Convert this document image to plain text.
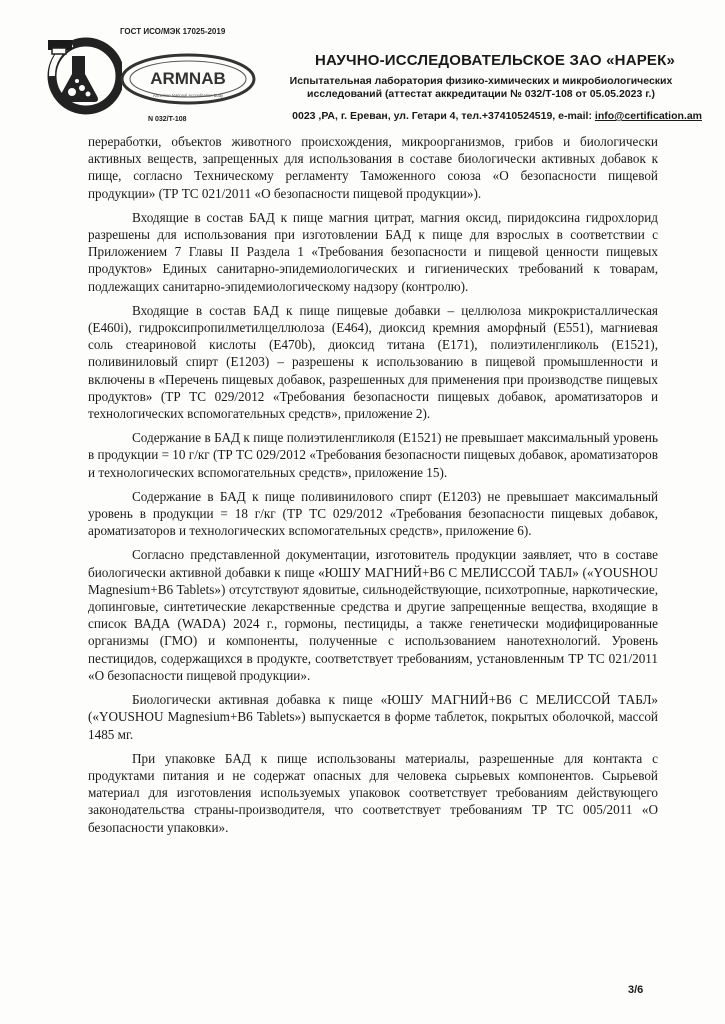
ГОСТ ИСО/МЭК 17025-2019
ARMNAB
Armenian National Accreditation Body
N 032/T-108
НАУЧНО-ИССЛЕДОВАТЕЛЬСКОЕ ЗАО «НАРЕК»
Испытательная лаборатория физико-химических и микробиологических
исследований (аттестат аккредитации № 032/Т-108 от 05.05.2023 г.)
0023 ,РА, г. Ереван, ул. Гетари 4, тел.+37410524519, e-mail: info@certification.am

переработки, объектов животного происхождения, микроорганизмов, грибов и биологически активных веществ, запрещенных для использования в составе биологически активных добавок к пище, согласно Техническому регламенту Таможенного союза «О безопасности пищевой продукции» (ТР ТС 021/2011 «О безопасности пищевой продукции»).

Входящие в состав БАД к пище магния цитрат, магния оксид, пиридоксина гидрохлорид разрешены для использования при изготовлении БАД к пище для взрослых в соответствии с Приложением 7 Главы II Раздела 1 «Требования безопасности и пищевой ценности пищевых продуктов» Единых санитарно-эпидемиологических и гигиенических требований к товарам, подлежащих санитарно-эпидемиологическому надзору (контролю).

Входящие в состав БАД к пище пищевые добавки – целлюлоза микрокристаллическая (E460i), гидроксипропилметилцеллюлоза (E464), диоксид кремния аморфный (E551), магниевая соль стеариновой кислоты (E470b), диоксид титана (E171), полиэтиленгликоль (E1521), поливиниловый спирт (E1203) – разрешены к использованию в пищевой промышленности и включены в «Перечень пищевых добавок, разрешенных для применения при производстве пищевых продуктов» (ТР ТС 029/2012 «Требования безопасности пищевых добавок, ароматизаторов и технологических вспомогательных средств», приложение 2).

Содержание в БАД к пище полиэтиленгликоля (E1521) не превышает максимальный уровень в продукции = 10 г/кг (ТР ТС 029/2012 «Требования безопасности пищевых добавок, ароматизаторов и технологических вспомогательных средств», приложение 15).

Содержание в БАД к пище поливинилового спирт (E1203) не превышает максимальный уровень в продукции = 18 г/кг (ТР ТС 029/2012 «Требования безопасности пищевых добавок, ароматизаторов и технологических вспомогательных средств», приложение 6).

Согласно представленной документации, изготовитель продукции заявляет, что в составе биологически активной добавки к пище «ЮШУ МАГНИЙ+В6 С МЕЛИССОЙ ТАБЛ» («YOUSHOU Magnesium+B6 Tablets») отсутствуют ядовитые, сильнодействующие, психотропные, наркотические, допинговые, синтетические лекарственные средства и другие запрещенные вещества, входящие в список ВАДА (WADA) 2024 г., гормоны, пестициды, а также генетически модифицированные организмы (ГМО) и компоненты, полученные с использованием нанотехнологий. Уровень пестицидов, содержащихся в продукте, соответствует требованиям, установленным ТР ТС 021/2011 «О безопасности пищевой продукции».

Биологически активная добавка к пище «ЮШУ МАГНИЙ+В6 С МЕЛИССОЙ ТАБЛ» («YOUSHOU Magnesium+B6 Tablets») выпускается в форме таблеток, покрытых оболочкой, массой 1485 мг.

При упаковке БАД к пище использованы материалы, разрешенные для контакта с продуктами питания и не содержат опасных для человека сырьевых компонентов. Сырьевой материал для изготовления используемых упаковок соответствует требованиям действующего законодательства страны-производителя, что соответствует требованиям ТР ТС 005/2011 «О безопасности упаковки».

3/6
